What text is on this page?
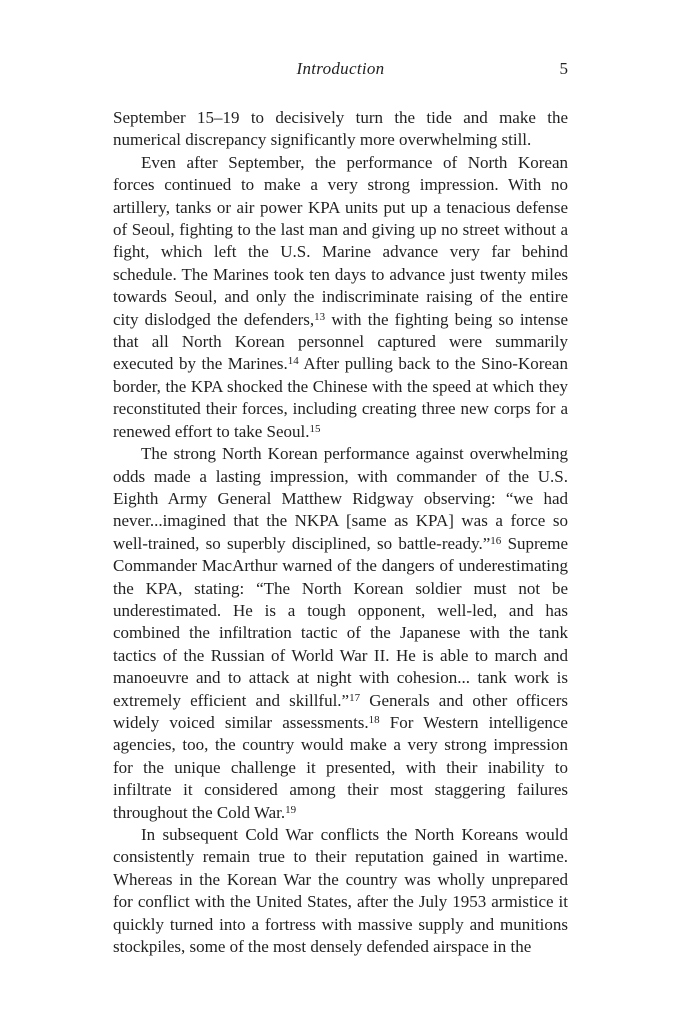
Introduction	5

September 15–19 to decisively turn the tide and make the numerical discrepancy significantly more overwhelming still.

Even after September, the performance of North Korean forces continued to make a very strong impression. With no artillery, tanks or air power KPA units put up a tenacious defense of Seoul, fighting to the last man and giving up no street without a fight, which left the U.S. Marine advance very far behind schedule. The Marines took ten days to advance just twenty miles towards Seoul, and only the indiscriminate raising of the entire city dislodged the defenders,$^{13}$ with the fighting being so intense that all North Korean personnel captured were summarily executed by the Marines.$^{14}$ After pulling back to the Sino-Korean border, the KPA shocked the Chinese with the speed at which they reconstituted their forces, including creating three new corps for a renewed effort to take Seoul.$^{15}$

The strong North Korean performance against overwhelming odds made a lasting impression, with commander of the U.S. Eighth Army General Matthew Ridgway observing: “we had never...imagined that the NKPA [same as KPA] was a force so well-trained, so superbly disciplined, so battle-ready.”$^{16}$ Supreme Commander MacArthur warned of the dangers of underestimating the KPA, stating: “The North Korean soldier must not be underestimated. He is a tough opponent, well-led, and has combined the infiltration tactic of the Japanese with the tank tactics of the Russian of World War II. He is able to march and manoeuvre and to attack at night with cohesion... tank work is extremely efficient and skillful.”$^{17}$ Generals and other officers widely voiced similar assessments.$^{18}$ For Western intelligence agencies, too, the country would make a very strong impression for the unique challenge it presented, with their inability to infiltrate it considered among their most staggering failures throughout the Cold War.$^{19}$

In subsequent Cold War conflicts the North Koreans would consistently remain true to their reputation gained in wartime. Whereas in the Korean War the country was wholly unprepared for conflict with the United States, after the July 1953 armistice it quickly turned into a fortress with massive supply and munitions stockpiles, some of the most densely defended airspace in the
